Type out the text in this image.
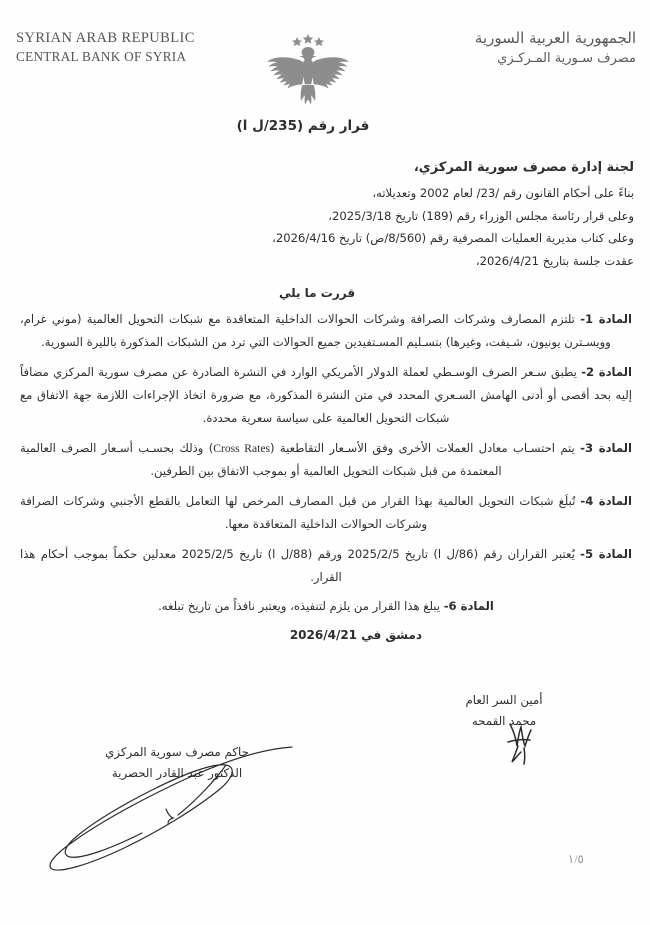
SYRIAN ARAB REPUBLIC
CENTRAL BANK OF SYRIA
الجمهورية العربية السورية
مصرف سـورية المـركـزي
قرار رقم (235/ل ا)
لجنة إدارة مصرف سورية المركزي،
بناءً على أحكام القانون رقم /23/ لعام 2002 وتعديلاته،
وعلى قرار رئاسة مجلس الوزراء رقم (189) تاريخ 2025/3/18،
وعلى كتاب مديرية العمليات المصرفية رقم (8/560/ص) تاريخ 2026/4/16،
عقدت جلسة بتاريخ 2026/4/21،
قررت ما يلي

المادة 1- تلتزم المصارف وشركات الصرافة وشركات الحوالات الداخلية المتعاقدة مع شبكات التحويل العالمية (موني غرام، وويسـترن يونيون، شـيفت، وغيرها) بتسـليم المسـتفيدين جميع الحوالات التي ترد من الشبكات المذكورة بالليرة السورية.

المادة 2- يطبق سـعر الصرف الوسـطي لعملة الدولار الأمريكي الوارد في النشرة الصادرة عن مصرف سورية المركزي مضافاً إليه بحد أقصى أو أدنى الهامش السـعري المحدد في متن النشرة المذكورة، مع ضرورة اتخاذ الإجراءات اللازمة جهة الاتفاق مع شبكات التحويل العالمية على سياسة سعرية محددة.

المادة 3- يتم احتسـاب معادل العملات الأخرى وفق الأسـعار التقاطعية (Cross Rates) وذلك بحسـب أسـعار الصرف العالمية المعتمدة من قبل شبكات التحويل العالمية أو بموجب الاتفاق بين الطرفين.

المادة 4- تُبلَغ شبكات التحويل العالمية بهذا القرار من قبل المصارف المرخص لها التعامل بالقطع الأجنبي وشركات الصرافة وشركات الحوالات الداخلية المتعاقدة معها.

المادة 5- يُعتبر القراران رقم (86/ل ا) تاريخ 2025/2/5 ورقم (88/ل ا) تاريخ 2025/2/5 معدلين حكماً بموجب أحكام هذا القرار.

المادة 6- يبلغ هذا القرار من يلزم لتنفيذه، ويعتبر نافذاً من تاريخ تبلغه.

دمشق في 2026/4/21
أمين السر العام
محمد القمحه
حاكم مصرف سورية المركزي
الدكتور عبد القادر الحصرية
١/٥
